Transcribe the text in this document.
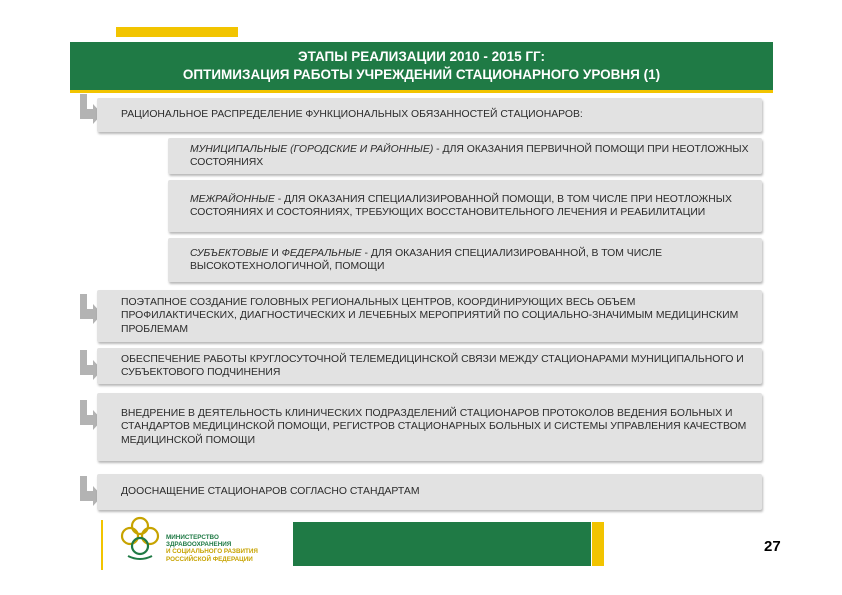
ЭТАПЫ РЕАЛИЗАЦИИ 2010 - 2015 ГГ:
ОПТИМИЗАЦИЯ РАБОТЫ УЧРЕЖДЕНИЙ СТАЦИОНАРНОГО УРОВНЯ (1)
РАЦИОНАЛЬНОЕ РАСПРЕДЕЛЕНИЕ ФУНКЦИОНАЛЬНЫХ ОБЯЗАННОСТЕЙ СТАЦИОНАРОВ:
МУНИЦИПАЛЬНЫЕ (ГОРОДСКИЕ И РАЙОННЫЕ) - ДЛЯ ОКАЗАНИЯ ПЕРВИЧНОЙ ПОМОЩИ ПРИ НЕОТЛОЖНЫХ СОСТОЯНИЯХ
МЕЖРАЙОННЫЕ - ДЛЯ ОКАЗАНИЯ СПЕЦИАЛИЗИРОВАННОЙ ПОМОЩИ, В ТОМ ЧИСЛЕ ПРИ НЕОТЛОЖНЫХ СОСТОЯНИЯХ И СОСТОЯНИЯХ, ТРЕБУЮЩИХ ВОССТАНОВИТЕЛЬНОГО ЛЕЧЕНИЯ И РЕАБИЛИТАЦИИ
СУБЪЕКТОВЫЕ И ФЕДЕРАЛЬНЫЕ - ДЛЯ ОКАЗАНИЯ СПЕЦИАЛИЗИРОВАННОЙ, В ТОМ ЧИСЛЕ ВЫСОКОТЕХНОЛОГИЧНОЙ, ПОМОЩИ
ПОЭТАПНОЕ СОЗДАНИЕ ГОЛОВНЫХ РЕГИОНАЛЬНЫХ ЦЕНТРОВ, КООРДИНИРУЮЩИХ ВЕСЬ ОБЪЕМ ПРОФИЛАКТИЧЕСКИХ, ДИАГНОСТИЧЕСКИХ И ЛЕЧЕБНЫХ МЕРОПРИЯТИЙ ПО СОЦИАЛЬНО-ЗНАЧИМЫМ МЕДИЦИНСКИМ ПРОБЛЕМАМ
ОБЕСПЕЧЕНИЕ РАБОТЫ КРУГЛОСУТОЧНОЙ ТЕЛЕМЕДИЦИНСКОЙ СВЯЗИ МЕЖДУ СТАЦИОНАРАМИ МУНИЦИПАЛЬНОГО И СУБЪЕКТОВОГО ПОДЧИНЕНИЯ
ВНЕДРЕНИЕ В ДЕЯТЕЛЬНОСТЬ КЛИНИЧЕСКИХ ПОДРАЗДЕЛЕНИЙ СТАЦИОНАРОВ ПРОТОКОЛОВ ВЕДЕНИЯ БОЛЬНЫХ И СТАНДАРТОВ МЕДИЦИНСКОЙ ПОМОЩИ, РЕГИСТРОВ СТАЦИОНАРНЫХ БОЛЬНЫХ И СИСТЕМЫ УПРАВЛЕНИЯ КАЧЕСТВОМ МЕДИЦИНСКОЙ ПОМОЩИ
ДООСНАЩЕНИЕ СТАЦИОНАРОВ СОГЛАСНО СТАНДАРТАМ
МИНИСТЕРСТВО
ЗДРАВООХРАНЕНИЯ
И СОЦИАЛЬНОГО РАЗВИТИЯ
РОССИЙСКОЙ ФЕДЕРАЦИИ
27
